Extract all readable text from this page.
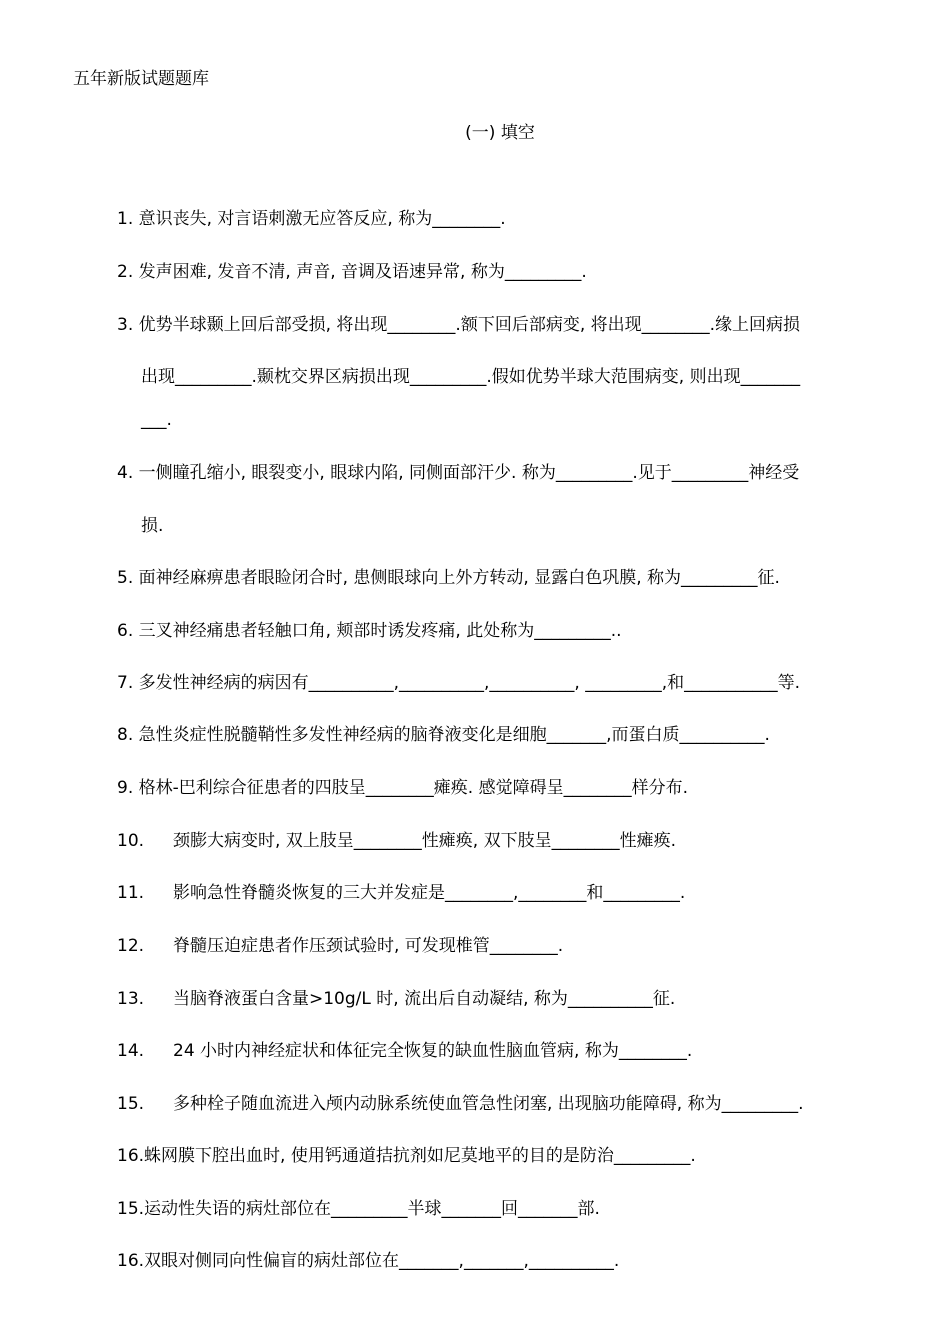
五年新版试题题库
(一) 填空
1. 意识丧失, 对言语刺激无应答反应, 称为________.
2. 发声困难, 发音不清, 声音, 音调及语速异常, 称为_________.
3. 优势半球颞上回后部受损, 将出现________.额下回后部病变, 将出现________.缘上回病损
出现_________.颞枕交界区病损出现_________.假如优势半球大范围病变, 则出现_______
___.
4. 一侧瞳孔缩小, 眼裂变小, 眼球内陷, 同侧面部汗少. 称为_________.见于_________神经受
损.
5. 面神经麻痹患者眼睑闭合时, 患侧眼球向上外方转动, 显露白色巩膜, 称为_________征.
6. 三叉神经痛患者轻触口角, 颊部时诱发疼痛, 此处称为_________..
7. 多发性神经病的病因有__________,__________,__________, _________,和___________等.
8. 急性炎症性脱髓鞘性多发性神经病的脑脊液变化是细胞_______,而蛋白质__________.
9. 格林-巴利综合征患者的四肢呈________瘫痪. 感觉障碍呈________样分布.
10. 颈膨大病变时, 双上肢呈________性瘫痪, 双下肢呈________性瘫痪.
11. 影响急性脊髓炎恢复的三大并发症是________,________和_________.
12. 脊髓压迫症患者作压颈试验时, 可发现椎管________.
13. 当脑脊液蛋白含量>10g/L 时, 流出后自动凝结, 称为__________征.
14. 24 小时内神经症状和体征完全恢复的缺血性脑血管病, 称为________.
15. 多种栓子随血流进入颅内动脉系统使血管急性闭塞, 出现脑功能障碍, 称为_________.
16.蛛网膜下腔出血时, 使用钙通道拮抗剂如尼莫地平的目的是防治_________.
15.运动性失语的病灶部位在_________半球_______回_______部.
16.双眼对侧同向性偏盲的病灶部位在_______,_______,__________.
